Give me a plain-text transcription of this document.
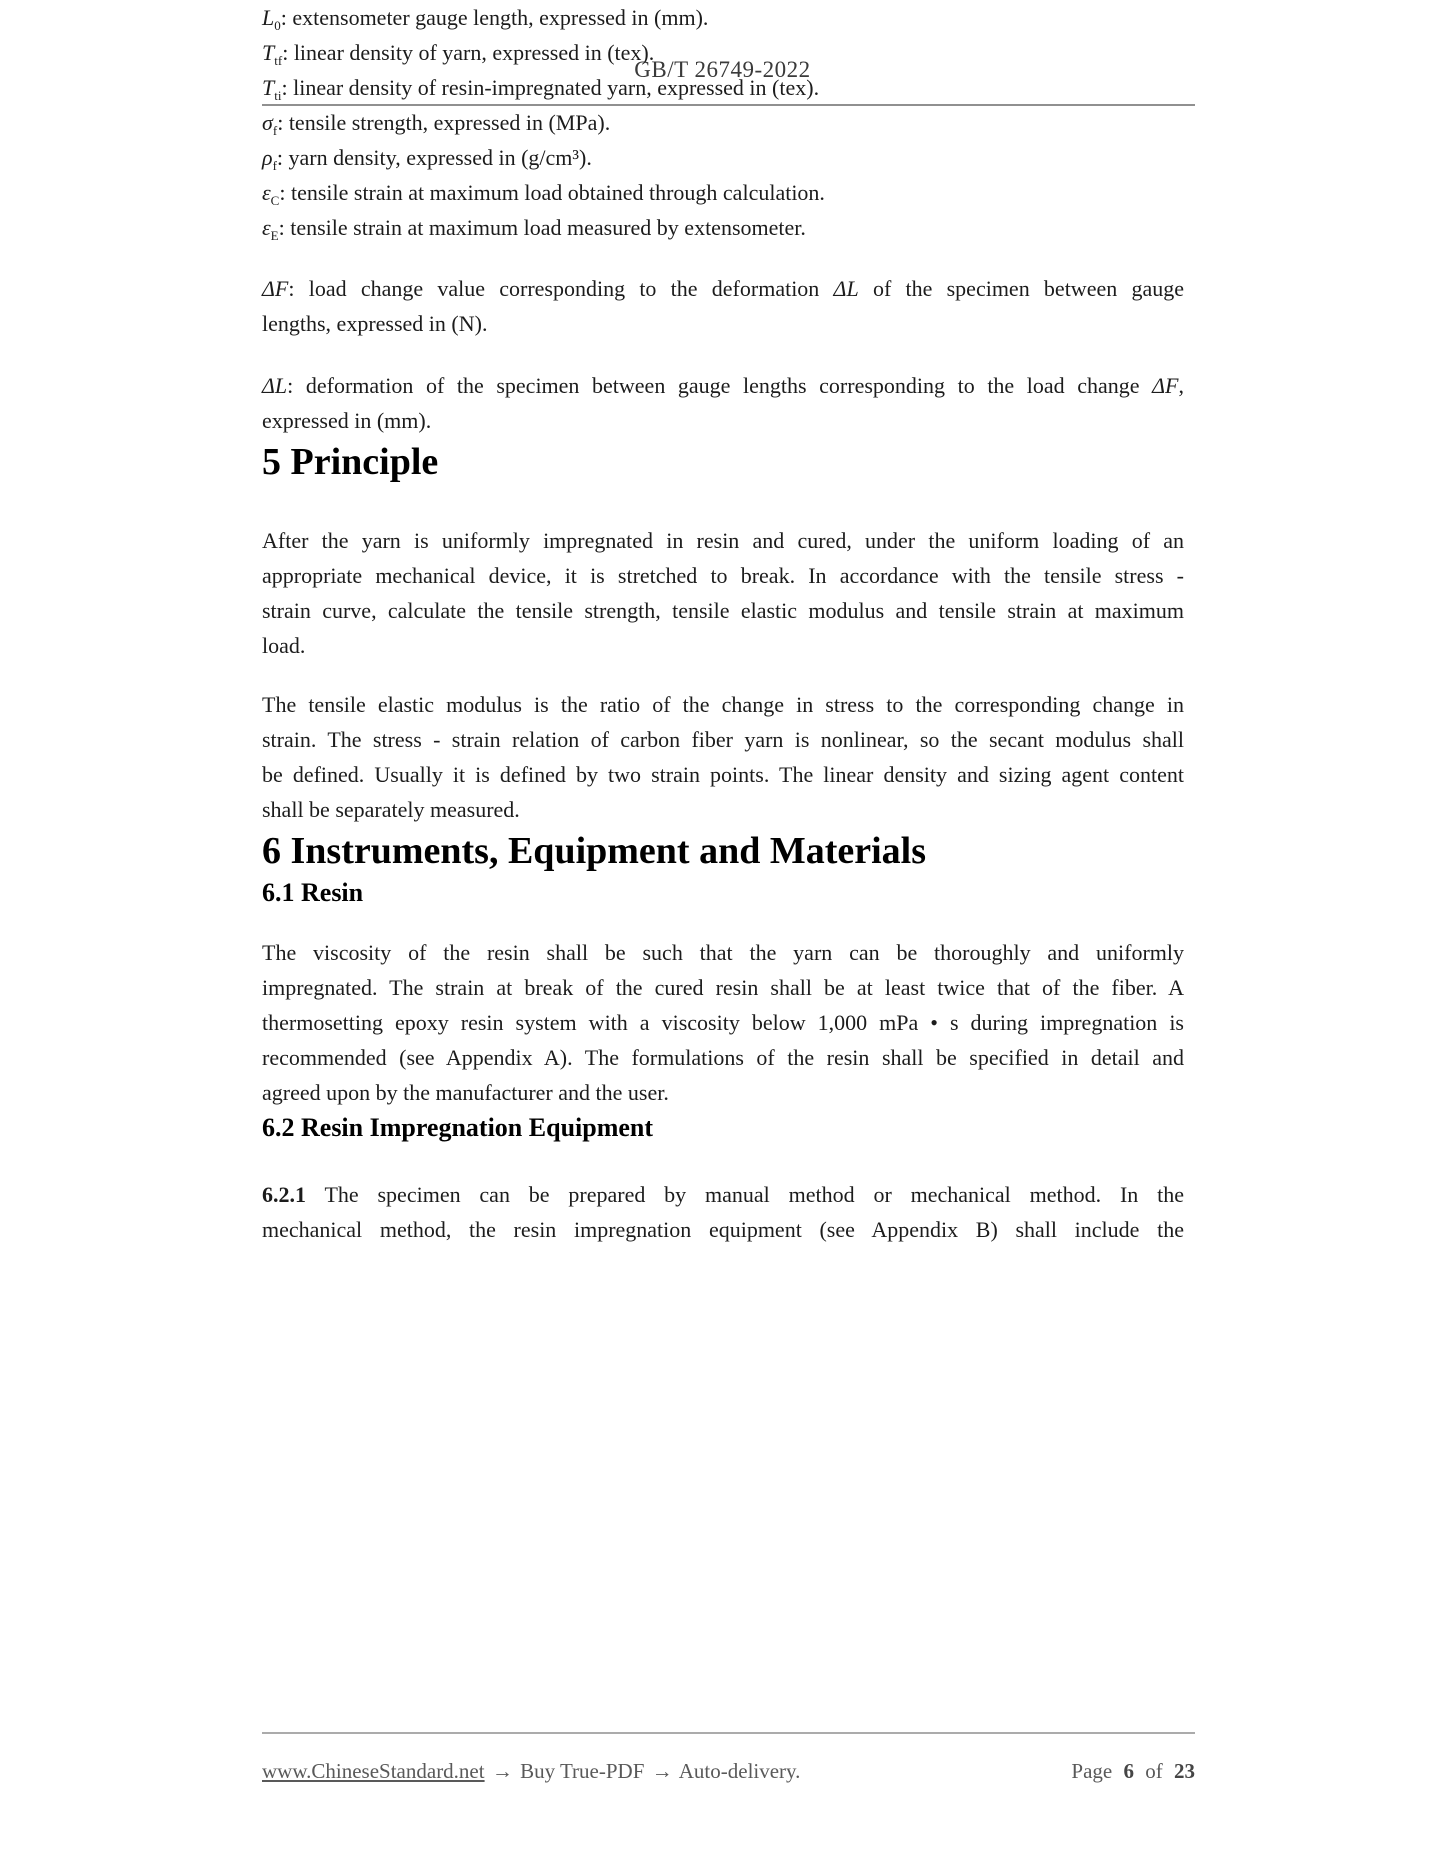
GB/T 26749-2022

$L_0$: extensometer gauge length, expressed in (mm).

$T_{tf}$: linear density of yarn, expressed in (tex).

$T_{ti}$: linear density of resin-impregnated yarn, expressed in (tex).

$\sigma_f$: tensile strength, expressed in (MPa).

$\rho_f$: yarn density, expressed in (g/cm³).

$\varepsilon_C$: tensile strain at maximum load obtained through calculation.

$\varepsilon_E$: tensile strain at maximum load measured by extensometer.

ΔF: load change value corresponding to the deformation ΔL of the specimen between gauge
lengths, expressed in (N).
ΔL: deformation of the specimen between gauge lengths corresponding to the load change ΔF,
expressed in (mm).

5 Principle

After the yarn is uniformly impregnated in resin and cured, under the uniform loading of an
appropriate mechanical device, it is stretched to break. In accordance with the tensile stress -
strain curve, calculate the tensile strength, tensile elastic modulus and tensile strain at maximum
load.
The tensile elastic modulus is the ratio of the change in stress to the corresponding change in
strain. The stress - strain relation of carbon fiber yarn is nonlinear, so the secant modulus shall
be defined. Usually it is defined by two strain points. The linear density and sizing agent content
shall be separately measured.

6 Instruments, Equipment and Materials

6.1 Resin

The viscosity of the resin shall be such that the yarn can be thoroughly and uniformly
impregnated. The strain at break of the cured resin shall be at least twice that of the fiber. A
thermosetting epoxy resin system with a viscosity below 1,000 mPa • s during impregnation is
recommended (see Appendix A). The formulations of the resin shall be specified in detail and
agreed upon by the manufacturer and the user.

6.2 Resin Impregnation Equipment

6.2.1 The specimen can be prepared by manual method or mechanical method. In the
mechanical method, the resin impregnation equipment (see Appendix B) shall include the
www.ChineseStandard.net → Buy True-PDF → Auto-delivery.	Page 6 of 23
